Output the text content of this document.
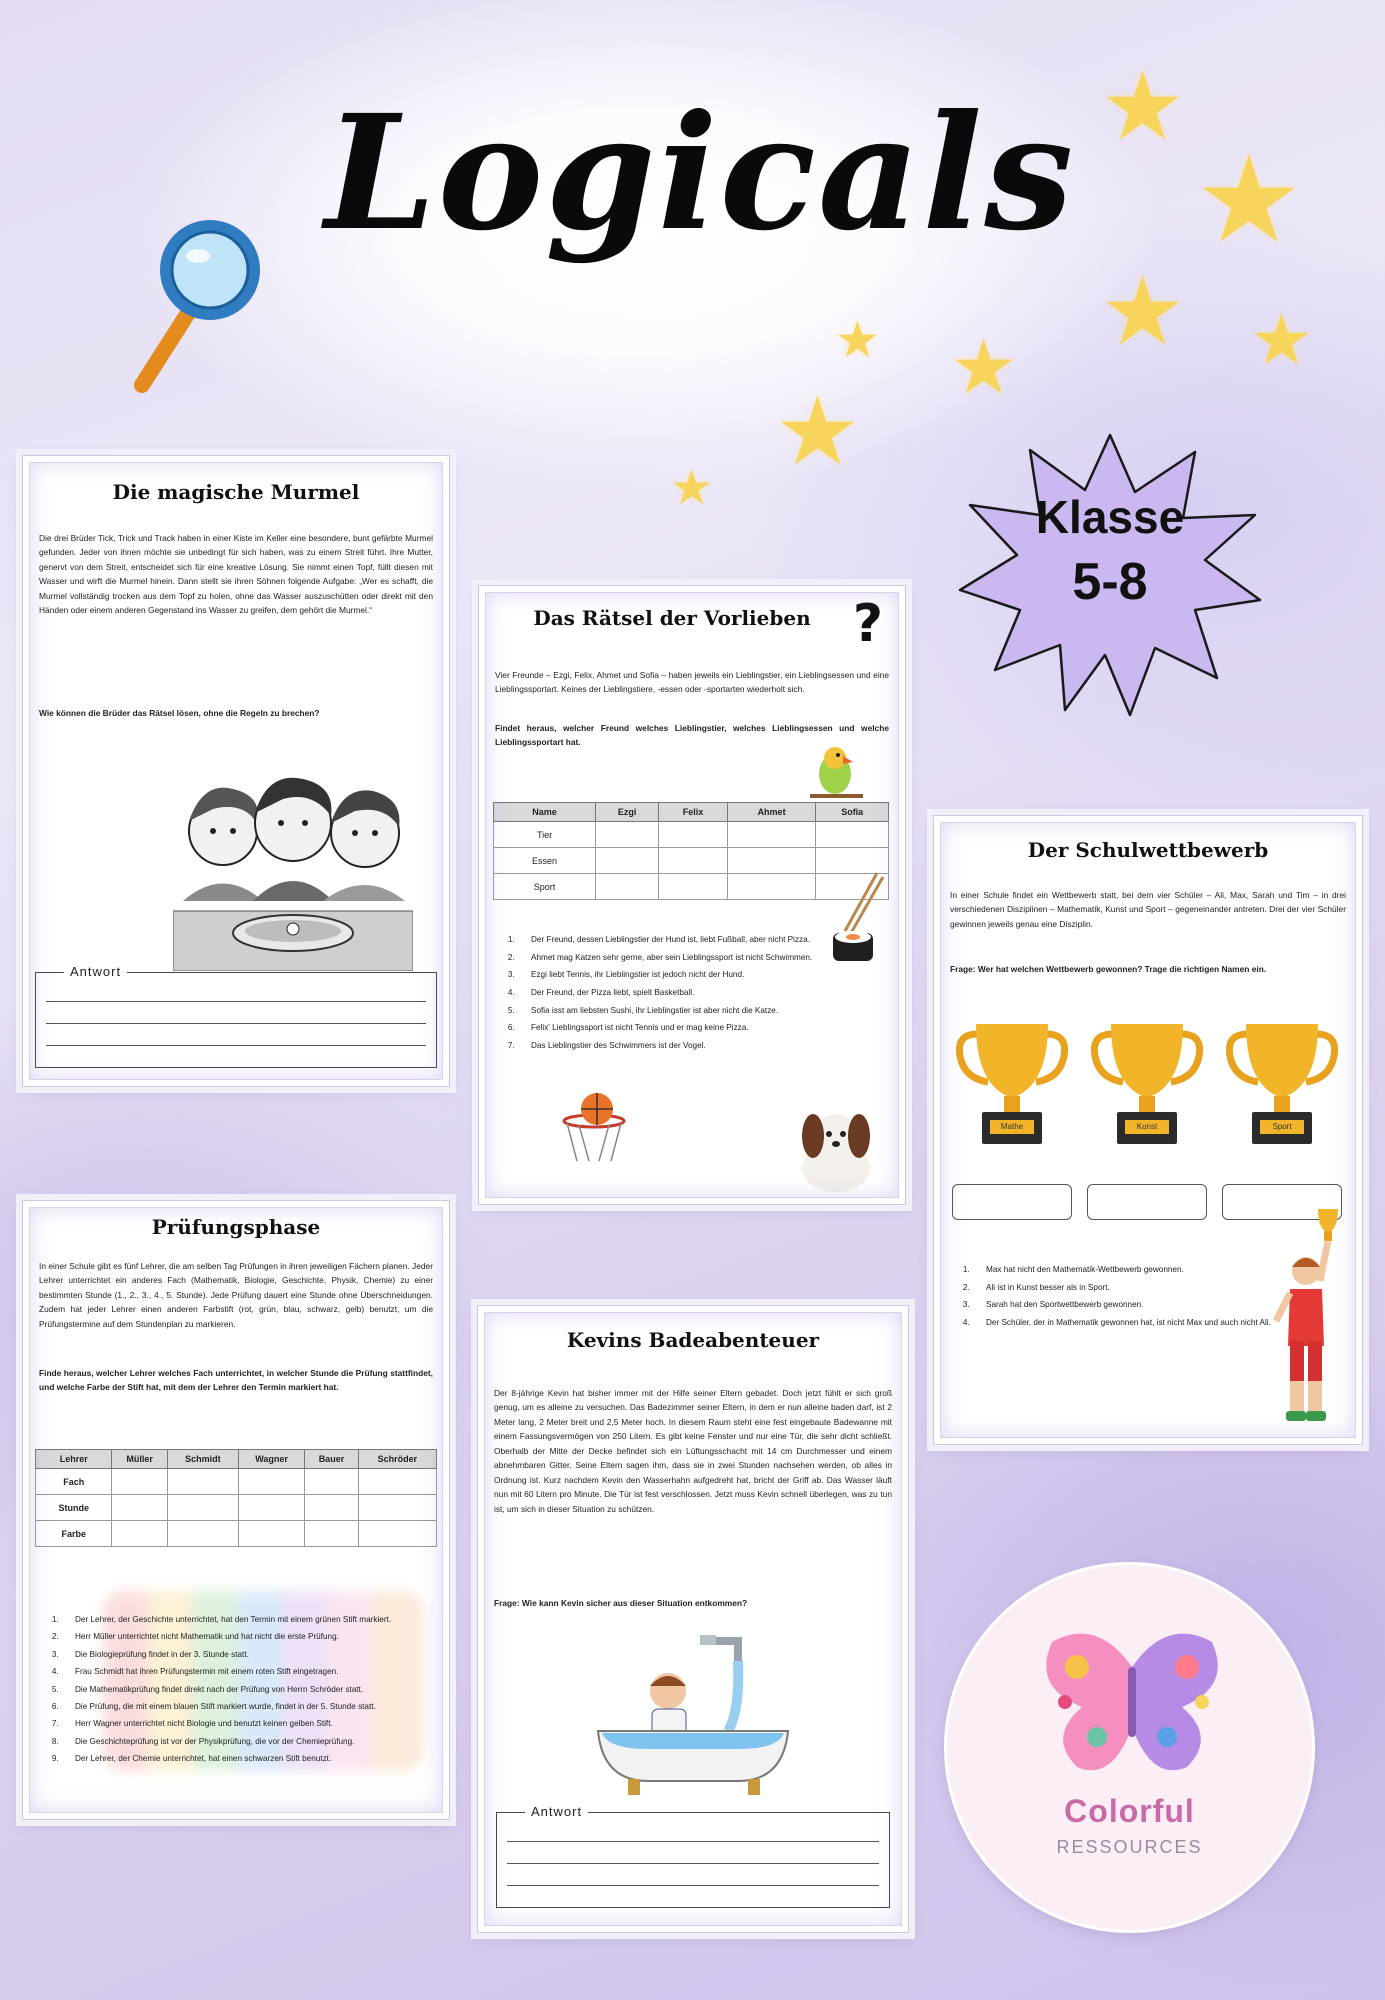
Logicals ★
★
★ ★
★ ★
★
★
Klasse
5-8
Die magische Murmel
Die drei Brüder Tick, Trick und Track haben in einer Kiste im Keller eine besondere, bunt gefärbte Murmel gefunden. Jeder von ihnen möchte sie unbedingt für sich haben, was zu einem Streit führt. Ihre Mutter, genervt von dem Streit, entscheidet sich für eine kreative Lösung. Sie nimmt einen Topf, füllt diesen mit Wasser und wirft die Murmel hinein. Dann stellt sie ihren Söhnen folgende Aufgabe: „Wer es schafft, die Murmel vollständig trocken aus dem Topf zu holen, ohne das Wasser auszuschütten oder direkt mit den Händen oder einem anderen Gegenstand ins Wasser zu greifen, dem gehört die Murmel.“
Wie können die Brüder das Rätsel lösen, ohne die Regeln zu brechen?
Antwort
Das Rätsel der Vorlieben ?
Vier Freunde – Ezgi, Felix, Ahmet und Sofia – haben jeweils ein Lieblingstier, ein Lieblingsessen und eine Lieblingssportart. Keines der Lieblingstiere, -essen oder -sportarten wiederholt sich.
Findet heraus, welcher Freund welches Lieblingstier, welches Lieblingsessen und welche Lieblingssportart hat.
Name	Ezgi	Felix	Ahmet	Sofia
Tier				
Essen				
Sport				
1. Der Freund, dessen Lieblingstier der Hund ist, liebt Fußball, aber nicht Pizza.
2. Ahmet mag Katzen sehr gerne, aber sein Lieblingssport ist nicht Schwimmen.
3. Ezgi liebt Tennis, ihr Lieblingstier ist jedoch nicht der Hund.
4. Der Freund, der Pizza liebt, spielt Basketball.
5. Sofia isst am liebsten Sushi, ihr Lieblingstier ist aber nicht die Katze.
6. Felix' Lieblingssport ist nicht Tennis und er mag keine Pizza.
7. Das Lieblingstier des Schwimmers ist der Vogel.
Der Schulwettbewerb
In einer Schule findet ein Wettbewerb statt, bei dem vier Schüler – Ali, Max, Sarah und Tim – in drei verschiedenen Disziplinen – Mathematik, Kunst und Sport – gegeneinander antreten. Drei der vier Schüler gewinnen jeweils genau eine Disziplin.
Frage: Wer hat welchen Wettbewerb gewonnen? Trage die richtigen Namen ein.
Mathe	Kunst	Sport
1. Max hat nicht den Mathematik-Wettbewerb gewonnen.
2. Ali ist in Kunst besser als in Sport.
3. Sarah hat den Sportwettbewerb gewonnen.
4. Der Schüler, der in Mathematik gewonnen hat, ist nicht Max und auch nicht Ali.
Prüfungsphase
In einer Schule gibt es fünf Lehrer, die am selben Tag Prüfungen in ihren jeweiligen Fächern planen. Jeder Lehrer unterrichtet ein anderes Fach (Mathematik, Biologie, Geschichte, Physik, Chemie) zu einer bestimmten Stunde (1., 2., 3., 4., 5. Stunde). Jede Prüfung dauert eine Stunde ohne Überschneidungen. Zudem hat jeder Lehrer einen anderen Farbstift (rot, grün, blau, schwarz, gelb) benutzt, um die Prüfungstermine auf dem Stundenplan zu markieren.
Finde heraus, welcher Lehrer welches Fach unterrichtet, in welcher Stunde die Prüfung stattfindet, und welche Farbe der Stift hat, mit dem der Lehrer den Termin markiert hat.
Lehrer	Müller	Schmidt	Wagner	Bauer	Schröder
Fach					
Stunde					
Farbe					
1. Der Lehrer, der Geschichte unterrichtet, hat den Termin mit einem grünen Stift markiert.
2. Herr Müller unterrichtet nicht Mathematik und hat nicht die erste Prüfung.
3. Die Biologieprüfung findet in der 3. Stunde statt.
4. Frau Schmidt hat ihren Prüfungstermin mit einem roten Stift eingetragen.
5. Die Mathematikprüfung findet direkt nach der Prüfung von Herrn Schröder statt.
6. Die Prüfung, die mit einem blauen Stift markiert wurde, findet in der 5. Stunde statt.
7. Herr Wagner unterrichtet nicht Biologie und benutzt keinen gelben Stift.
8. Die Geschichteprüfung ist vor der Physikprüfung, die vor der Chemieprüfung.
9. Der Lehrer, der Chemie unterrichtet, hat einen schwarzen Stift benutzt.
Kevins Badeabenteuer
Der 8-jährige Kevin hat bisher immer mit der Hilfe seiner Eltern gebadet. Doch jetzt fühlt er sich groß genug, um es alleine zu versuchen. Das Badezimmer seiner Eltern, in dem er nun alleine baden darf, ist 2 Meter lang, 2 Meter breit und 2,5 Meter hoch. In diesem Raum steht eine fest eingebaute Badewanne mit einem Fassungsvermögen von 250 Litern. Es gibt keine Fenster und nur eine Tür, die sehr dicht schließt. Oberhalb der Mitte der Decke befindet sich ein Lüftungsschacht mit 14 cm Durchmesser und einem abnehmbaren Gitter. Seine Eltern sagen ihm, dass sie in zwei Stunden nachsehen werden, ob alles in Ordnung ist. Kurz nachdem Kevin den Wasserhahn aufgedreht hat, bricht der Griff ab. Das Wasser läuft nun mit 60 Litern pro Minute. Die Tür ist fest verschlossen. Jetzt muss Kevin schnell überlegen, was zu tun ist, um sich in dieser Situation zu schützen.
Frage: Wie kann Kevin sicher aus dieser Situation entkommen?
Antwort	Colorful
RESSOURCES
